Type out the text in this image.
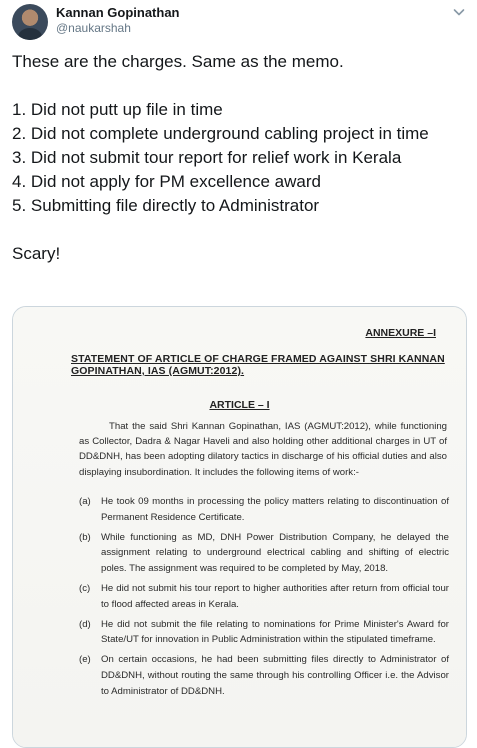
Kannan Gopinathan
@naukarshah

These are the charges. Same as the memo.

1. Did not putt up file in time

2. Did not complete underground cabling project in time

3. Did not submit tour report for relief work in Kerala

4. Did not apply for PM excellence award

5. Submitting file directly to Administrator

Scary!

ANNEXURE –I
STATEMENT OF ARTICLE OF CHARGE FRAMED AGAINST SHRI KANNAN GOPINATHAN, IAS (AGMUT:2012).
ARTICLE – I

That the said Shri Kannan Gopinathan, IAS (AGMUT:2012), while functioning as Collector, Dadra & Nagar Haveli and also holding other additional charges in UT of DD&DNH, has been adopting dilatory tactics in discharge of his official duties and also displaying insubordination. It includes the following items of work:-

(a) He took 09 months in processing the policy matters relating to discontinuation of Permanent Residence Certificate.
(b) While functioning as MD, DNH Power Distribution Company, he delayed the assignment relating to underground electrical cabling and shifting of electric poles. The assignment was required to be completed by May, 2018.
(c) He did not submit his tour report to higher authorities after return from official tour to flood affected areas in Kerala.
(d) He did not submit the file relating to nominations for Prime Minister's Award for State/UT for innovation in Public Administration within the stipulated timeframe.
(e) On certain occasions, he had been submitting files directly to Administrator of DD&DNH, without routing the same through his controlling Officer i.e. the Advisor to Administrator of DD&DNH.
